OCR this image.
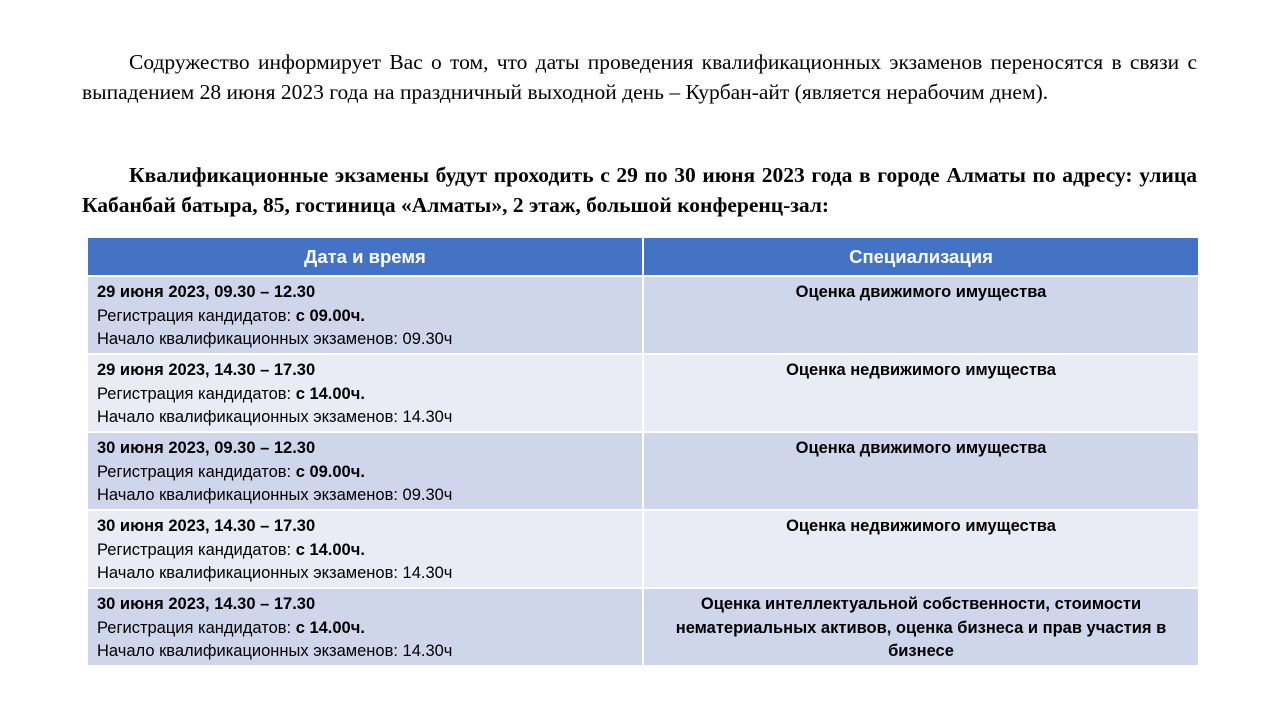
Содружество информирует Вас о том, что даты проведения квалификационных экзаменов переносятся в связи с выпадением 28 июня 2023 года на праздничный выходной день – Курбан-айт (является нерабочим днем).

Квалификационные экзамены будут проходить с 29 по 30 июня 2023 года в городе Алматы по адресу: улица Кабанбай батыра, 85, гостиница «Алматы», 2 этаж, большой конференц-зал:

Дата и время	Специализация

29 июня 2023, 09.30 – 12.30
Регистрация кандидатов: с 09.00ч.
Начало квалификационных экзаменов: 09.30ч	Оценка движимого имущества

29 июня 2023, 14.30 – 17.30
Регистрация кандидатов: с 14.00ч.
Начало квалификационных экзаменов: 14.30ч	Оценка недвижимого имущества

30 июня 2023, 09.30 – 12.30
Регистрация кандидатов: с 09.00ч.
Начало квалификационных экзаменов: 09.30ч	Оценка движимого имущества

30 июня 2023, 14.30 – 17.30
Регистрация кандидатов: с 14.00ч.
Начало квалификационных экзаменов: 14.30ч	Оценка недвижимого имущества

30 июня 2023, 14.30 – 17.30
Регистрация кандидатов: с 14.00ч.
Начало квалификационных экзаменов: 14.30ч	Оценка интеллектуальной собственности, стоимости нематериальных активов, оценка бизнеса и прав участия в бизнесе
